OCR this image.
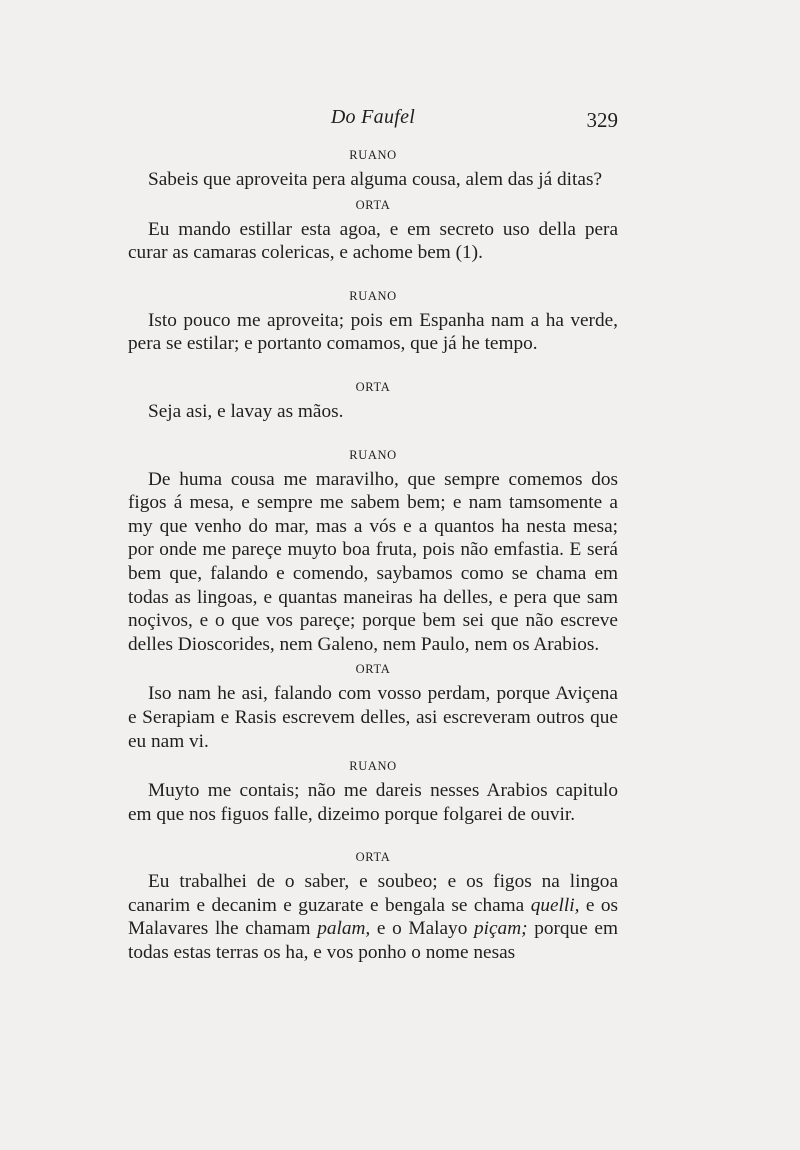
Do Faufel	329

RUANO

Sabeis que aproveita pera alguma cousa, alem das já ditas?

ORTA

Eu mando estillar esta agoa, e em secreto uso della pera curar as camaras colericas, e achome bem (1).

RUANO

Isto pouco me aproveita; pois em Espanha nam a ha verde, pera se estilar; e portanto comamos, que já he tempo.

ORTA

Seja asi, e lavay as mãos.

RUANO

De huma cousa me maravilho, que sempre comemos dos figos á mesa, e sempre me sabem bem; e nam tamsomente a my que venho do mar, mas a vós e a quantos ha nesta mesa; por onde me pareçe muyto boa fruta, pois não emfastia. E será bem que, falando e comendo, saybamos como se chama em todas as lingoas, e quantas maneiras ha delles, e pera que sam noçivos, e o que vos pareçe; porque bem sei que não escreve delles Dioscorides, nem Galeno, nem Paulo, nem os Arabios.

ORTA

Iso nam he asi, falando com vosso perdam, porque Aviçena e Serapiam e Rasis escrevem delles, asi escreveram outros que eu nam vi.

RUANO

Muyto me contais; não me dareis nesses Arabios capitulo em que nos figuos falle, dizeimo porque folgarei de ouvir.

ORTA

Eu trabalhei de o saber, e soubeo; e os figos na lingoa canarim e decanim e guzarate e bengala se chama quelli, e os Malavares lhe chamam palam, e o Malayo piçam; porque em todas estas terras os ha, e vos ponho o nome nesas
